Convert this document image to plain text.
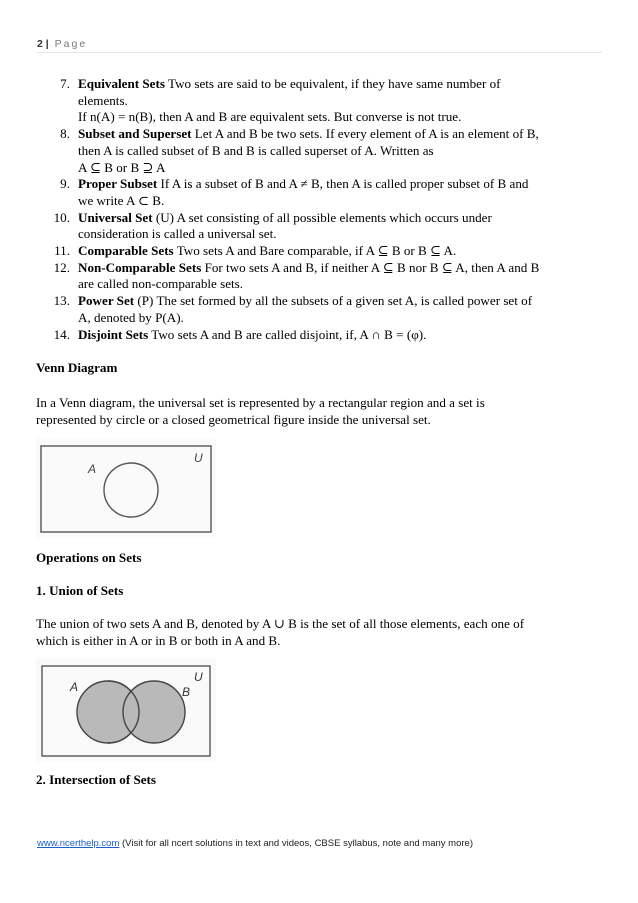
2 | Page
7. Equivalent Sets Two sets are said to be equivalent, if they have same number of
elements.
If n(A) = n(B), then A and B are equivalent sets. But converse is not true.
8. Subset and Superset Let A and B be two sets. If every element of A is an element of B,
then A is called subset of B and B is called superset of A. Written as
A ⊆ B or B ⊇ A
9. Proper Subset If A is a subset of B and A ≠ B, then A is called proper subset of B and
we write A ⊂ B.
10. Universal Set (U) A set consisting of all possible elements which occurs under
consideration is called a universal set.
11. Comparable Sets Two sets A and Bare comparable, if A ⊆ B or B ⊆ A.
12. Non-Comparable Sets For two sets A and B, if neither A ⊆ B nor B ⊆ A, then A and B
are called non-comparable sets.
13. Power Set (P) The set formed by all the subsets of a given set A, is called power set of
A, denoted by P(A).
14. Disjoint Sets Two sets A and B are called disjoint, if, A ∩ B = (φ).
Venn Diagram
In a Venn diagram, the universal set is represented by a rectangular region and a set is
represented by circle or a closed geometrical figure inside the universal set.
A
U
Operations on Sets
1. Union of Sets
The union of two sets A and B, denoted by A ∪ B is the set of all those elements, each one of
which is either in A or in B or both in A and B.
A	B
U
2. Intersection of Sets
www.ncerthelp.com (Visit for all ncert solutions in text and videos, CBSE syllabus, note and many more)
